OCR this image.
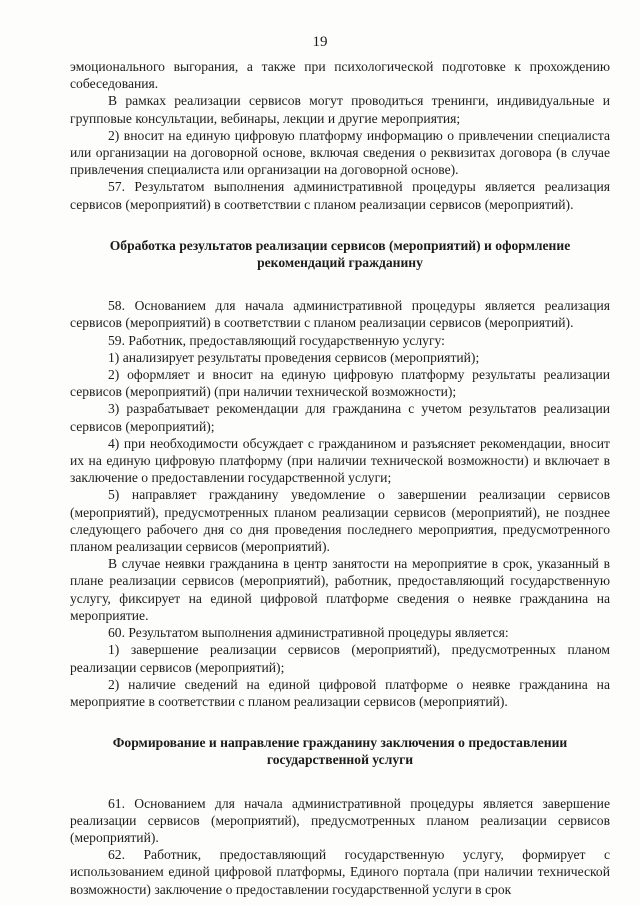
19

эмоционального выгорания, а также при психологической подготовке к прохождению собеседования.

В рамках реализации сервисов могут проводиться тренинги, индивидуальные и групповые консультации, вебинары, лекции и другие мероприятия;

2) вносит на единую цифровую платформу информацию о привлечении специалиста или организации на договорной основе, включая сведения о реквизитах договора (в случае привлечения специалиста или организации на договорной основе).

57. Результатом выполнения административной процедуры является реализация сервисов (мероприятий) в соответствии с планом реализации сервисов (мероприятий).

Обработка результатов реализации сервисов (мероприятий) и оформление рекомендаций гражданину

58. Основанием для начала административной процедуры является реализация сервисов (мероприятий) в соответствии с планом реализации сервисов (мероприятий).

59. Работник, предоставляющий государственную услугу:

1) анализирует результаты проведения сервисов (мероприятий);

2) оформляет и вносит на единую цифровую платформу результаты реализации сервисов (мероприятий) (при наличии технической возможности);

3) разрабатывает рекомендации для гражданина с учетом результатов реализации сервисов (мероприятий);

4) при необходимости обсуждает с гражданином и разъясняет рекомендации, вносит их на единую цифровую платформу (при наличии технической возможности) и включает в заключение о предоставлении государственной услуги;

5) направляет гражданину уведомление о завершении реализации сервисов (мероприятий), предусмотренных планом реализации сервисов (мероприятий), не позднее следующего рабочего дня со дня проведения последнего мероприятия, предусмотренного планом реализации сервисов (мероприятий).

В случае неявки гражданина в центр занятости на мероприятие в срок, указанный в плане реализации сервисов (мероприятий), работник, предоставляющий государственную услугу, фиксирует на единой цифровой платформе сведения о неявке гражданина на мероприятие.

60. Результатом выполнения административной процедуры является:

1) завершение реализации сервисов (мероприятий), предусмотренных планом реализации сервисов (мероприятий);

2) наличие сведений на единой цифровой платформе о неявке гражданина на мероприятие в соответствии с планом реализации сервисов (мероприятий).

Формирование и направление гражданину заключения о предоставлении государственной услуги

61. Основанием для начала административной процедуры является завершение реализации сервисов (мероприятий), предусмотренных планом реализации сервисов (мероприятий).

62. Работник, предоставляющий государственную услугу, формирует с использованием единой цифровой платформы, Единого портала (при наличии технической возможности) заключение о предоставлении государственной услуги в срок
